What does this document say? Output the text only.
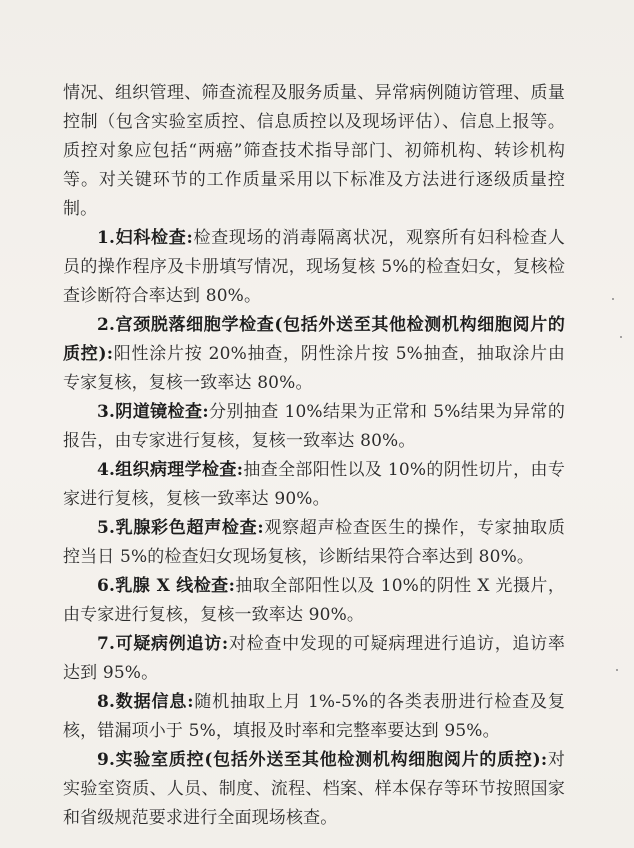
情况、组织管理、筛查流程及服务质量、异常病例随访管理、质量控制（包含实验室质控、信息质控以及现场评估）、信息上报等。质控对象应包括“两癌”筛查技术指导部门、初筛机构、转诊机构等。对关键环节的工作质量采用以下标准及方法进行逐级质量控制。

1.妇科检查:检查现场的消毒隔离状况，观察所有妇科检查人员的操作程序及卡册填写情况，现场复核 5%的检查妇女，复核检查诊断符合率达到 80%。

2.宫颈脱落细胞学检查(包括外送至其他检测机构细胞阅片的质控):阳性涂片按 20%抽查，阴性涂片按 5%抽查，抽取涂片由专家复核，复核一致率达 80%。

3.阴道镜检查:分别抽查 10%结果为正常和 5%结果为异常的报告，由专家进行复核，复核一致率达 80%。

4.组织病理学检查:抽查全部阳性以及 10%的阴性切片，由专家进行复核，复核一致率达 90%。

5.乳腺彩色超声检查:观察超声检查医生的操作，专家抽取质控当日 5%的检查妇女现场复核，诊断结果符合率达到 80%。

6.乳腺 X 线检查:抽取全部阳性以及 10%的阴性 X 光摄片，由专家进行复核，复核一致率达 90%。

7.可疑病例追访:对检查中发现的可疑病理进行追访，追访率达到 95%。

8.数据信息:随机抽取上月 1%-5%的各类表册进行检查及复核，错漏项小于 5%，填报及时率和完整率要达到 95%。

9.实验室质控(包括外送至其他检测机构细胞阅片的质控):对实验室资质、人员、制度、流程、档案、样本保存等环节按照国家和省级规范要求进行全面现场核查。
